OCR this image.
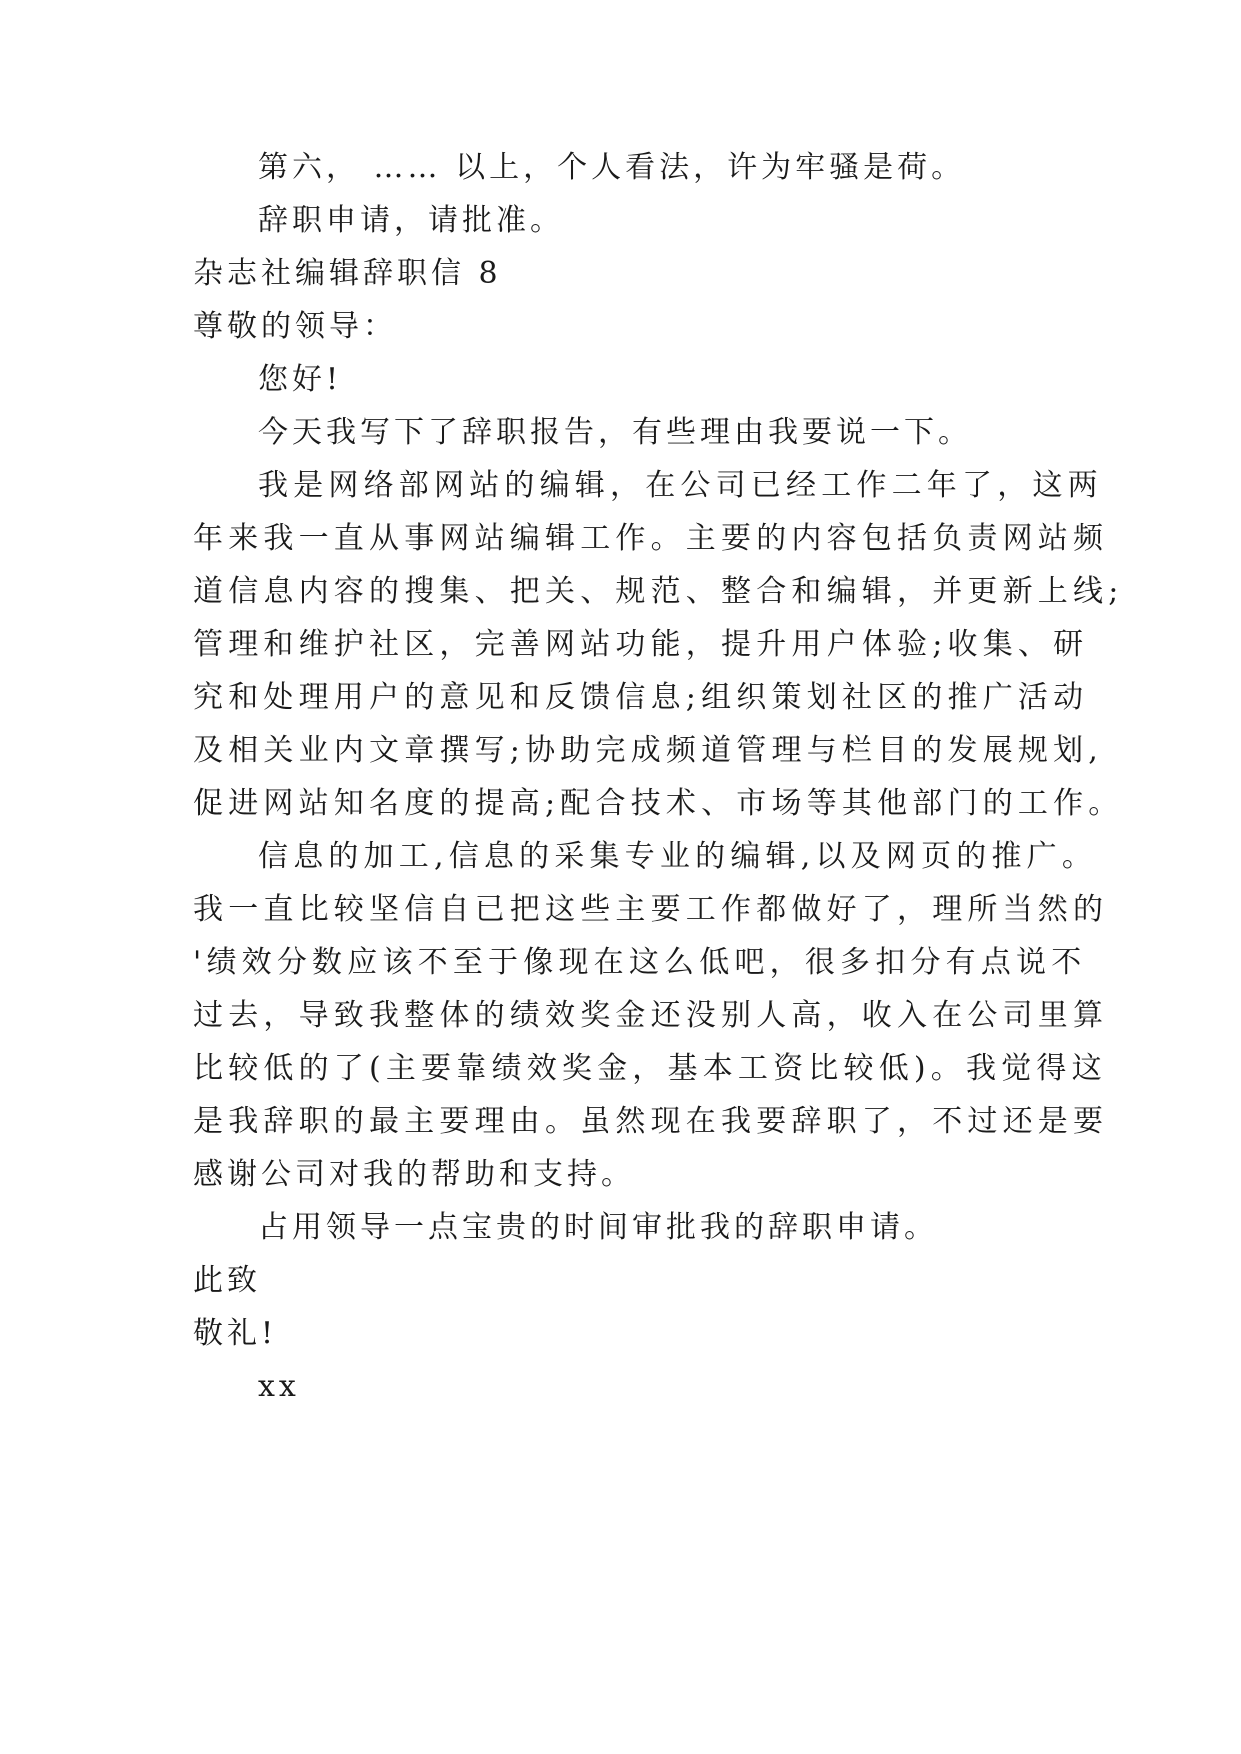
第六， …… 以上，个人看法，许为牢骚是荷。
辞职申请，请批准。
杂志社编辑辞职信 8
尊敬的领导：
您好!
今天我写下了辞职报告，有些理由我要说一下。
我是网络部网站的编辑，在公司已经工作二年了，这两
年来我一直从事网站编辑工作。主要的内容包括负责网站频
道信息内容的搜集、把关、规范、整合和编辑，并更新上线;
管理和维护社区，完善网站功能，提升用户体验;收集、研
究和处理用户的意见和反馈信息;组织策划社区的推广活动
及相关业内文章撰写;协助完成频道管理与栏目的发展规划,
促进网站知名度的提高;配合技术、市场等其他部门的工作。
信息的加工,信息的采集专业的编辑,以及网页的推广。
我一直比较坚信自已把这些主要工作都做好了，理所当然的
'绩效分数应该不至于像现在这么低吧，很多扣分有点说不
过去，导致我整体的绩效奖金还没别人高，收入在公司里算
比较低的了(主要靠绩效奖金，基本工资比较低)。我觉得这
是我辞职的最主要理由。虽然现在我要辞职了，不过还是要
感谢公司对我的帮助和支持。
占用领导一点宝贵的时间审批我的辞职申请。
此致
敬礼!
xx
